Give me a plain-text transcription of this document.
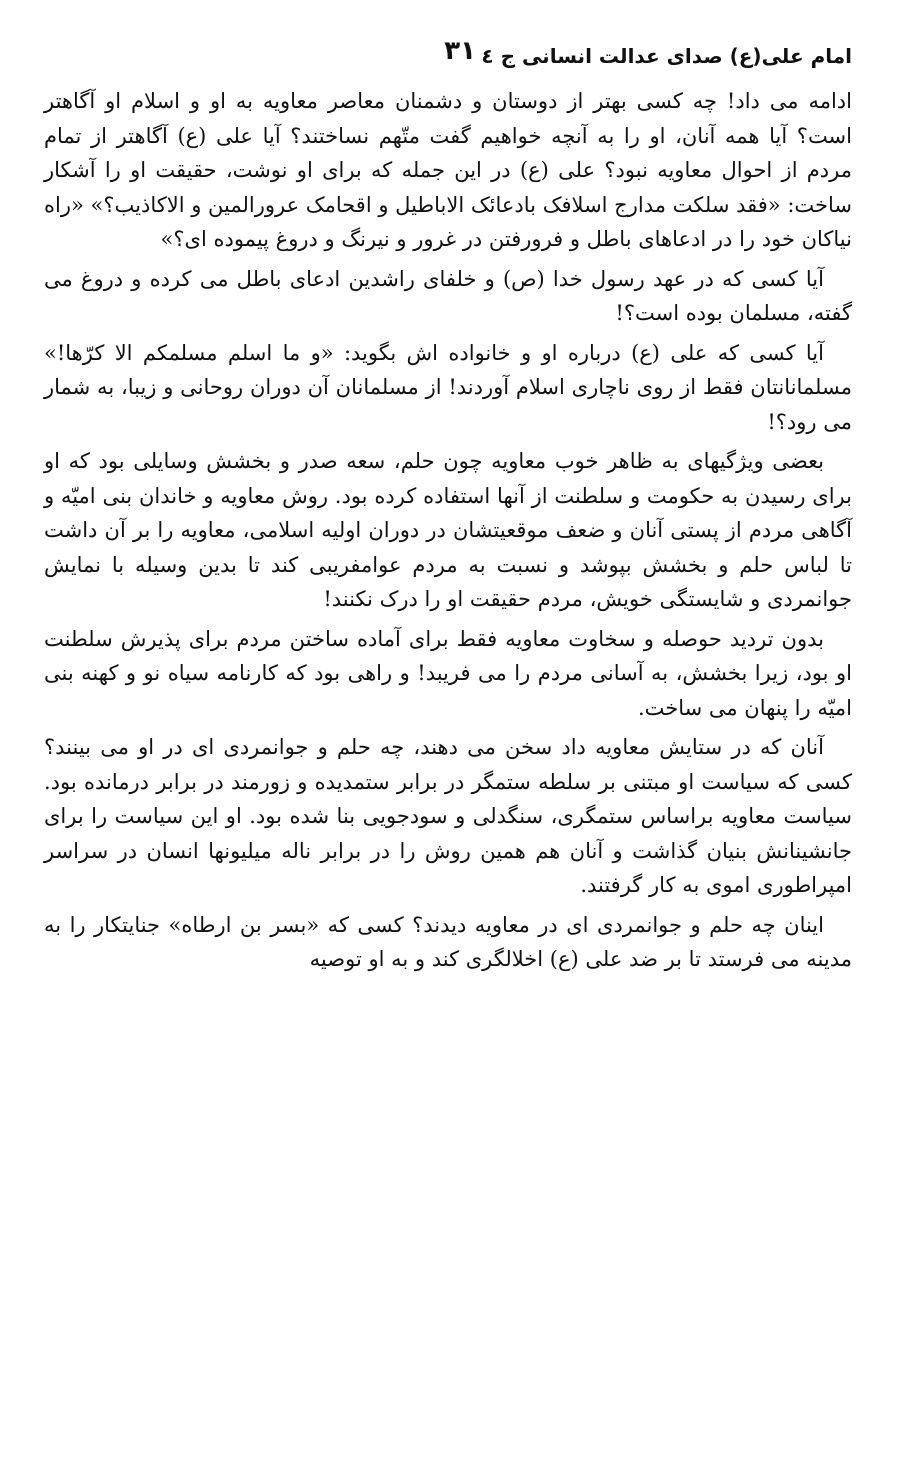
امام علی(ع) صدای عدالت انسانی ج ٤
٣١

ادامه می داد! چه کسی بهتر از دوستان و دشمنان معاصر معاویه به او و اسلام او آگاهتر است؟ آیا همه آنان، او را به آنچه خواهیم گفت متّهم نساختند؟ آیا علی (ع) آگاهتر از تمام مردم از احوال معاویه نبود؟ علی (ع) در این جمله که برای او نوشت، حقیقت او را آشکار ساخت: «فقد سلکت مدارج اسلافک بادعائک الاباطیل و اقحامک عرورالمین و الاکاذیب؟» «راه نیاکان خود را در ادعاهای باطل و فرورفتن در غرور و نیرنگ و دروغ پیموده ای؟»

آیا کسی که در عهد رسول خدا (ص) و خلفای راشدین ادعای باطل می کرده و دروغ می گفته، مسلمان بوده است؟!

آیا کسی که علی (ع) درباره او و خانواده اش بگوید: «و ما اسلم مسلمکم الا کرّها!» مسلمانانتان فقط از روی ناچاری اسلام آوردند! از مسلمانان آن دوران روحانی و زیبا، به شمار می رود؟!

بعضی ویژگیهای به ظاهر خوب معاویه چون حلم، سعه صدر و بخشش وسایلی بود که او برای رسیدن به حکومت و سلطنت از آنها استفاده کرده بود. روش معاویه و خاندان بنی امیّه و آگاهی مردم از پستی آنان و ضعف موقعیتشان در دوران اولیه اسلامی، معاویه را بر آن داشت تا لباس حلم و بخشش بپوشد و نسبت به مردم عوامفریبی کند تا بدین وسیله با نمایش جوانمردی و شایستگی خویش، مردم حقیقت او را درک نکنند!

بدون تردید حوصله و سخاوت معاویه فقط برای آماده ساختن مردم برای پذیرش سلطنت او بود، زیرا بخشش، به آسانی مردم را می فریبد! و راهی بود که کارنامه سیاه نو و کهنه بنی امیّه را پنهان می ساخت.

آنان که در ستایش معاویه داد سخن می دهند، چه حلم و جوانمردی ای در او می بینند؟ کسی که سیاست او مبتنی بر سلطه ستمگر در برابر ستمدیده و زورمند در برابر درمانده بود. سیاست معاویه براساس ستمگری، سنگدلی و سودجویی بنا شده بود. او این سیاست را برای جانشینانش بنیان گذاشت و آنان هم همین روش را در برابر ناله میلیونها انسان در سراسر امپراطوری اموی به کار گرفتند.

اینان چه حلم و جوانمردی ای در معاویه دیدند؟ کسی که «بسر بن ارطاه» جنایتکار را به مدینه می فرستد تا بر ضد علی (ع) اخلالگری کند و به او توصیه
